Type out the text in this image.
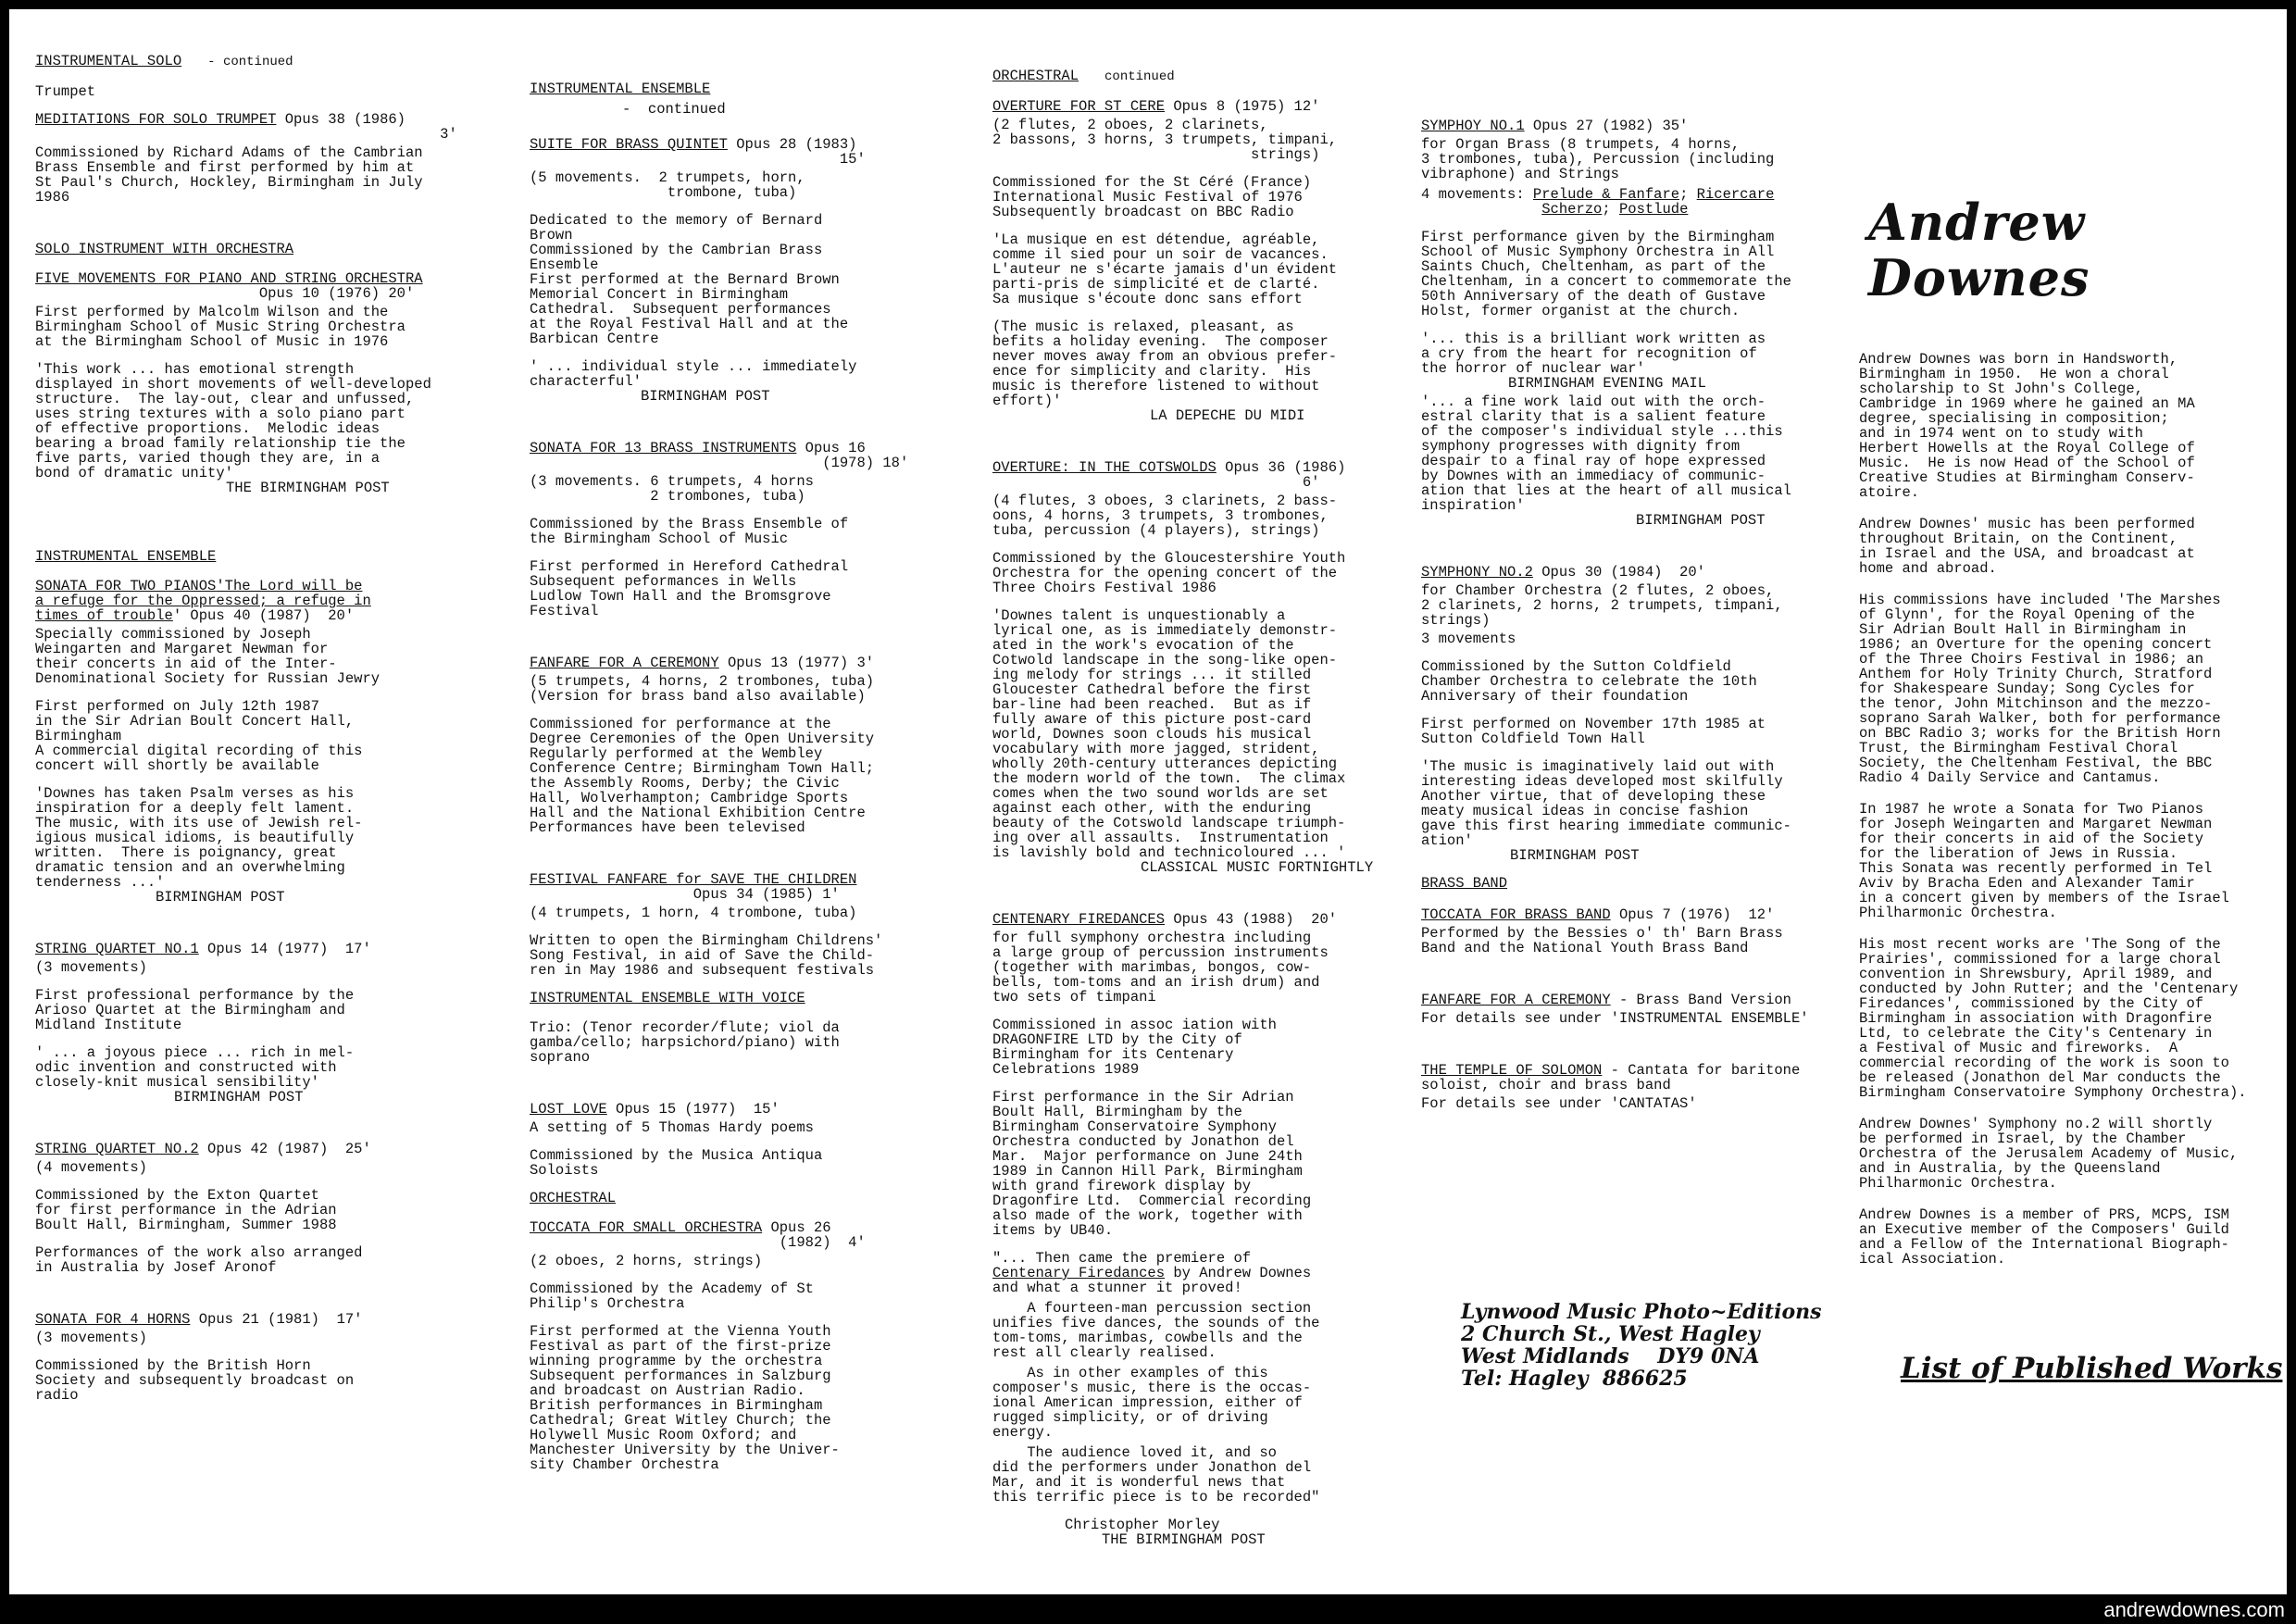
INSTRUMENTAL SOLO - continued

Trumpet

MEDITATIONS FOR SOLO TRUMPET Opus 38 (1986)
3'

Commissioned by Richard Adams of the Cambrian
Brass Ensemble and first performed by him at
St Paul's Church, Hockley, Birmingham in July
1986

SOLO INSTRUMENT WITH ORCHESTRA
FIVE MOVEMENTS FOR PIANO AND STRING ORCHESTRA
Opus 10 (1976) 20'

First performed by Malcolm Wilson and the
Birmingham School of Music String Orchestra
at the Birmingham School of Music in 1976

'This work ... has emotional strength
displayed in short movements of well-developed
structure.  The lay-out, clear and unfussed,
uses string textures with a solo piano part
of effective proportions.  Melodic ideas
bearing a broad family relationship tie the
five parts, varied though they are, in a
bond of dramatic unity'

THE BIRMINGHAM POST

INSTRUMENTAL ENSEMBLE
SONATA FOR TWO PIANOS'The Lord will be
a refuge for the Oppressed; a refuge in
times of trouble' Opus 40 (1987)  20'

Specially commissioned by Joseph
Weingarten and Margaret Newman for
their concerts in aid of the Inter-
Denominational Society for Russian Jewry

First performed on July 12th 1987
in the Sir Adrian Boult Concert Hall,
Birmingham
A commercial digital recording of this
concert will shortly be available

'Downes has taken Psalm verses as his
inspiration for a deeply felt lament.
The music, with its use of Jewish rel-
igious musical idioms, is beautifully
written.  There is poignancy, great
dramatic tension and an overwhelming
tenderness ...'

BIRMINGHAM POST

STRING QUARTET NO.1 Opus 14 (1977)  17'

(3 movements)

First professional performance by the
Arioso Quartet at the Birmingham and
Midland Institute

' ... a joyous piece ... rich in mel-
odic invention and constructed with
closely-knit musical sensibility'

BIRMINGHAM POST

STRING QUARTET NO.2 Opus 42 (1987)  25'

(4 movements)

Commissioned by the Exton Quartet
for first performance in the Adrian
Boult Hall, Birmingham, Summer 1988

Performances of the work also arranged
in Australia by Josef Aronof

SONATA FOR 4 HORNS Opus 21 (1981)  17'

(3 movements)

Commissioned by the British Horn
Society and subsequently broadcast on
radio

INSTRUMENTAL ENSEMBLE

-  continued

SUITE FOR BRASS QUINTET Opus 28 (1983)
15'

(5 movements.  2 trumpets, horn,
trombone, tuba)

Dedicated to the memory of Bernard
Brown
Commissioned by the Cambrian Brass
Ensemble
First performed at the Bernard Brown
Memorial Concert in Birmingham
Cathedral.  Subsequent performances
at the Royal Festival Hall and at the
Barbican Centre

' ... individual style ... immediately
characterful'

BIRMINGHAM POST

SONATA FOR 13 BRASS INSTRUMENTS Opus 16
(1978) 18'

(3 movements. 6 trumpets, 4 horns
2 trombones, tuba)

Commissioned by the Brass Ensemble of
the Birmingham School of Music

First performed in Hereford Cathedral
Subsequent peformances in Wells
Ludlow Town Hall and the Bromsgrove
Festival

FANFARE FOR A CEREMONY Opus 13 (1977) 3'

(5 trumpets, 4 horns, 2 trombones, tuba)
(Version for brass band also available)

Commissioned for performance at the
Degree Ceremonies of the Open University
Regularly performed at the Wembley
Conference Centre; Birmingham Town Hall;
the Assembly Rooms, Derby; the Civic
Hall, Wolverhampton; Cambridge Sports
Hall and the National Exhibition Centre
Performances have been televised

FESTIVAL FANFARE for SAVE THE CHILDREN
Opus 34 (1985) 1'

(4 trumpets, 1 horn, 4 trombone, tuba)

Written to open the Birmingham Childrens'
Song Festival, in aid of Save the Child-
ren in May 1986 and subsequent festivals

INSTRUMENTAL ENSEMBLE WITH VOICE

Trio: (Tenor recorder/flute; viol da
gamba/cello; harpsichord/piano) with
soprano

LOST LOVE Opus 15 (1977)  15'

A setting of 5 Thomas Hardy poems

Commissioned by the Musica Antiqua
Soloists

ORCHESTRAL
TOCCATA FOR SMALL ORCHESTRA Opus 26
(1982)  4'

(2 oboes, 2 horns, strings)

Commissioned by the Academy of St
Philip's Orchestra

First performed at the Vienna Youth
Festival as part of the first-prize
winning programme by the orchestra
Subsequent performances in Salzburg
and broadcast on Austrian Radio.
British performances in Birmingham
Cathedral; Great Witley Church; the
Holywell Music Room Oxford; and
Manchester University by the Univer-
sity Chamber Orchestra

ORCHESTRAL continued
OVERTURE FOR ST CERE Opus 8 (1975) 12'

(2 flutes, 2 oboes, 2 clarinets,
2 bassons, 3 horns, 3 trumpets, timpani,
strings)

Commissioned for the St Céré (France)
International Music Festival of 1976
Subsequently broadcast on BBC Radio

'La musique en est détendue, agréable,
comme il sied pour un soir de vacances.
L'auteur ne s'écarte jamais d'un évident
parti-pris de simplicité et de clarté.
Sa musique s'écoute donc sans effort

(The music is relaxed, pleasant, as
befits a holiday evening.  The composer
never moves away from an obvious prefer-
ence for simplicity and clarity.  His
music is therefore listened to without
effort)'

LA DEPECHE DU MIDI

OVERTURE: IN THE COTSWOLDS Opus 36 (1986)
6'

(4 flutes, 3 oboes, 3 clarinets, 2 bass-
oons, 4 horns, 3 trumpets, 3 trombones,
tuba, percussion (4 players), strings)

Commissioned by the Gloucestershire Youth
Orchestra for the opening concert of the
Three Choirs Festival 1986

'Downes talent is unquestionably a
lyrical one, as is immediately demonstr-
ated in the work's evocation of the
Cotwold landscape in the song-like open-
ing melody for strings ... it stilled
Gloucester Cathedral before the first
bar-line had been reached.  But as if
fully aware of this picture post-card
world, Downes soon clouds his musical
vocabulary with more jagged, strident,
wholly 20th-century utterances depicting
the modern world of the town.  The climax
comes when the two sound worlds are set
against each other, with the enduring
beauty of the Cotswold landscape triumph-
ing over all assaults.  Instrumentation
is lavishly bold and technicoloured ... '

CLASSICAL MUSIC FORTNIGHTLY

CENTENARY FIREDANCES Opus 43 (1988)  20'

for full symphony orchestra including
a large group of percussion instruments
(together with marimbas, bongos, cow-
bells, tom-toms and an irish drum) and
two sets of timpani

Commissioned in assoc iation with
DRAGONFIRE LTD by the City of
Birmingham for its Centenary
Celebrations 1989

First performance in the Sir Adrian
Boult Hall, Birmingham by the
Birmingham Conservatoire Symphony
Orchestra conducted by Jonathon del
Mar.  Major performance on June 24th
1989 in Cannon Hill Park, Birmingham
with grand firework display by
Dragonfire Ltd.  Commercial recording
also made of the work, together with
items by UB40.

"... Then came the premiere of
Centenary Firedances by Andrew Downes
and what a stunner it proved!

A fourteen-man percussion section
unifies five dances, the sounds of the
tom-toms, marimbas, cowbells and the
rest all clearly realised.

As in other examples of this
composer's music, there is the occas-
ional American impression, either of
rugged simplicity, or of driving
energy.

The audience loved it, and so
did the performers under Jonathon del
Mar, and it is wonderful news that
this terrific piece is to be recorded"

Christopher Morley

THE BIRMINGHAM POST

SYMPHOY NO.1 Opus 27 (1982) 35'

for Organ Brass (8 trumpets, 4 horns,
3 trombones, tuba), Percussion (including
vibraphone) and Strings

4 movements: Prelude & Fanfare; Ricercare
Scherzo; Postlude

First performance given by the Birmingham
School of Music Symphony Orchestra in All
Saints Chuch, Cheltenham, as part of the
Cheltenham, in a concert to commemorate the
50th Anniversary of the death of Gustave
Holst, former organist at the church.

'... this is a brilliant work written as
a cry from the heart for recognition of
the horror of nuclear war'

BIRMINGHAM EVENING MAIL

'... a fine work laid out with the orch-
estral clarity that is a salient feature
of the composer's individual style ...this
symphony progresses with dignity from
despair to a final ray of hope expressed
by Downes with an immediacy of communic-
ation that lies at the heart of all musical
inspiration'

BIRMINGHAM POST

SYMPHONY NO.2 Opus 30 (1984)  20'

for Chamber Orchestra (2 flutes, 2 oboes,
2 clarinets, 2 horns, 2 trumpets, timpani,
strings)

3 movements

Commissioned by the Sutton Coldfield
Chamber Orchestra to celebrate the 10th
Anniversary of their foundation

First performed on November 17th 1985 at
Sutton Coldfield Town Hall

'The music is imaginatively laid out with
interesting ideas developed most skilfully
Another virtue, that of developing these
meaty musical ideas in concise fashion
gave this first hearing immediate communic-
ation'

BIRMINGHAM POST

BRASS BAND
TOCCATA FOR BRASS BAND Opus 7 (1976)  12'

Performed by the Bessies o' th' Barn Brass
Band and the National Youth Brass Band

FANFARE FOR A CEREMONY - Brass Band Version

For details see under 'INSTRUMENTAL ENSEMBLE'

THE TEMPLE OF SOLOMON - Cantata for baritone
soloist, choir and brass band

For details see under 'CANTATAS'

Lynwood Music Photo~Editions
2 Church St., West Hagley
West Midlands    DY9 0NA
Tel: Hagley  886625
Andrew Downes

Andrew Downes was born in Handsworth,
Birmingham in 1950.  He won a choral
scholarship to St John's College,
Cambridge in 1969 where he gained an MA
degree, specialising in composition;
and in 1974 went on to study with
Herbert Howells at the Royal College of
Music.  He is now Head of the School of
Creative Studies at Birmingham Conserv-
atoire.

Andrew Downes' music has been performed
throughout Britain, on the Continent,
in Israel and the USA, and broadcast at
home and abroad.

His commissions have included 'The Marshes
of Glynn', for the Royal Opening of the
Sir Adrian Boult Hall in Birmingham in
1986; an Overture for the opening concert
of the Three Choirs Festival in 1986; an
Anthem for Holy Trinity Church, Stratford
for Shakespeare Sunday; Song Cycles for
the tenor, John Mitchinson and the mezzo-
soprano Sarah Walker, both for performance
on BBC Radio 3; works for the British Horn
Trust, the Birmingham Festival Choral
Society, the Cheltenham Festival, the BBC
Radio 4 Daily Service and Cantamus.

In 1987 he wrote a Sonata for Two Pianos
for Joseph Weingarten and Margaret Newman
for their concerts in aid of the Society
for the liberation of Jews in Russia.
This Sonata was recently performed in Tel
Aviv by Bracha Eden and Alexander Tamir
in a concert given by members of the Israel
Philharmonic Orchestra.

His most recent works are 'The Song of the
Prairies', commissioned for a large choral
convention in Shrewsbury, April 1989, and
conducted by John Rutter; and the 'Centenary
Firedances', commissioned by the City of
Birmingham in association with Dragonfire
Ltd, to celebrate the City's Centenary in
a Festival of Music and fireworks.  A
commercial recording of the work is soon to
be released (Jonathon del Mar conducts the
Birmingham Conservatoire Symphony Orchestra).

Andrew Downes' Symphony no.2 will shortly
be performed in Israel, by the Chamber
Orchestra of the Jerusalem Academy of Music,
and in Australia, by the Queensland
Philharmonic Orchestra.

Andrew Downes is a member of PRS, MCPS, ISM
an Executive member of the Composers' Guild
and a Fellow of the International Biograph-
ical Association.

List of Published Works
andrewdownes.com
